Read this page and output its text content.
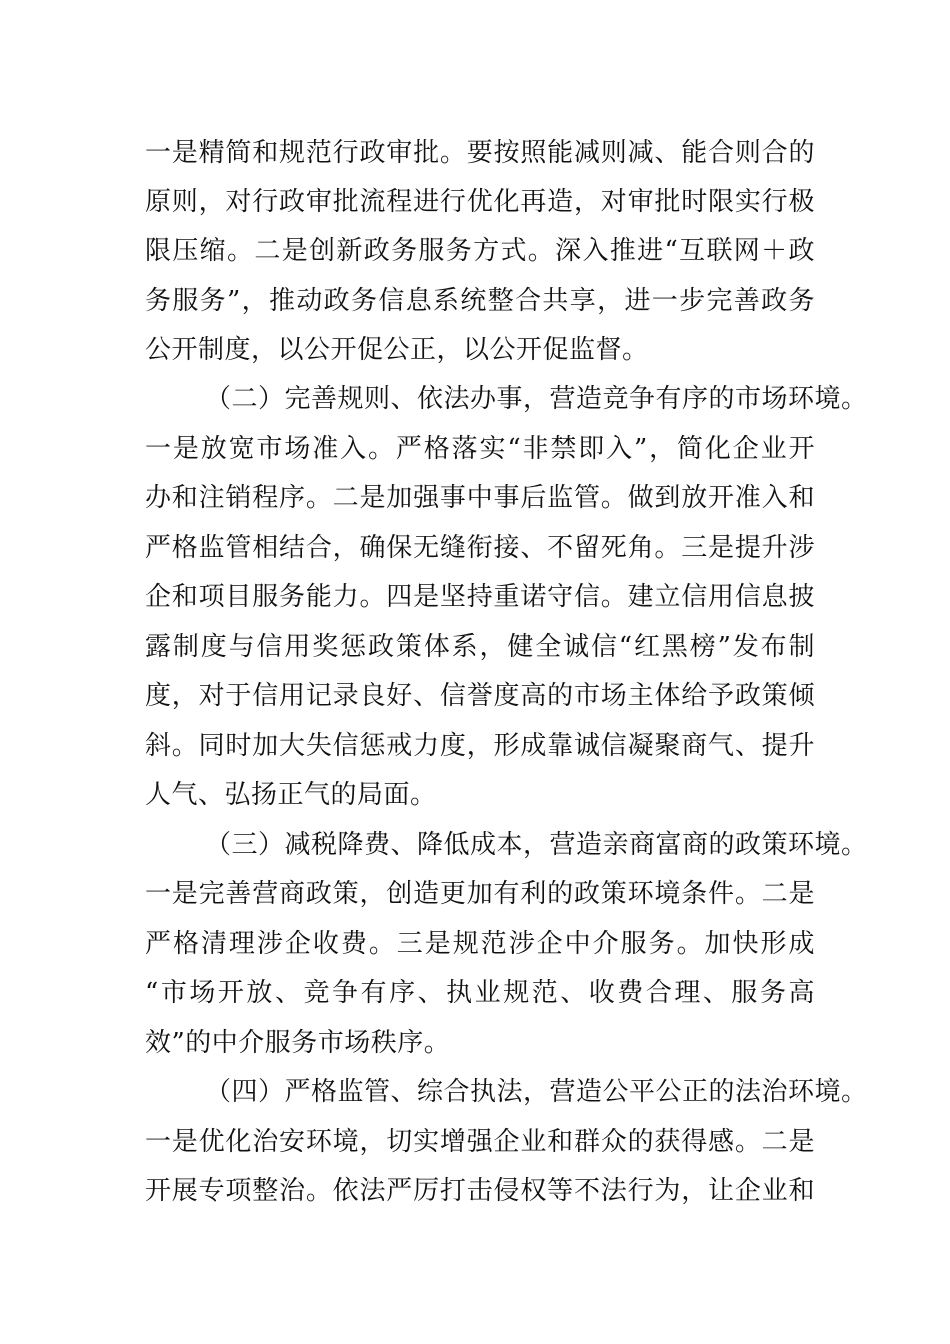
一是精简和规范行政审批。要按照能减则减、能合则合的
原则，对行政审批流程进行优化再造，对审批时限实行极
限压缩。二是创新政务服务方式。深入推进“互联网＋政
务服务”，推动政务信息系统整合共享，进一步完善政务
公开制度，以公开促公正，以公开促监督。
（二）完善规则、依法办事，营造竞争有序的市场环境。
一是放宽市场准入。严格落实“非禁即入”，简化企业开
办和注销程序。二是加强事中事后监管。做到放开准入和
严格监管相结合，确保无缝衔接、不留死角。三是提升涉
企和项目服务能力。四是坚持重诺守信。建立信用信息披
露制度与信用奖惩政策体系，健全诚信“红黑榜”发布制
度，对于信用记录良好、信誉度高的市场主体给予政策倾
斜。同时加大失信惩戒力度，形成靠诚信凝聚商气、提升
人气、弘扬正气的局面。
（三）减税降费、降低成本，营造亲商富商的政策环境。
一是完善营商政策，创造更加有利的政策环境条件。二是
严格清理涉企收费。三是规范涉企中介服务。加快形成
“市场开放、竞争有序、执业规范、收费合理、服务高
效”的中介服务市场秩序。
（四）严格监管、综合执法，营造公平公正的法治环境。
一是优化治安环境，切实增强企业和群众的获得感。二是
开展专项整治。依法严厉打击侵权等不法行为，让企业和
